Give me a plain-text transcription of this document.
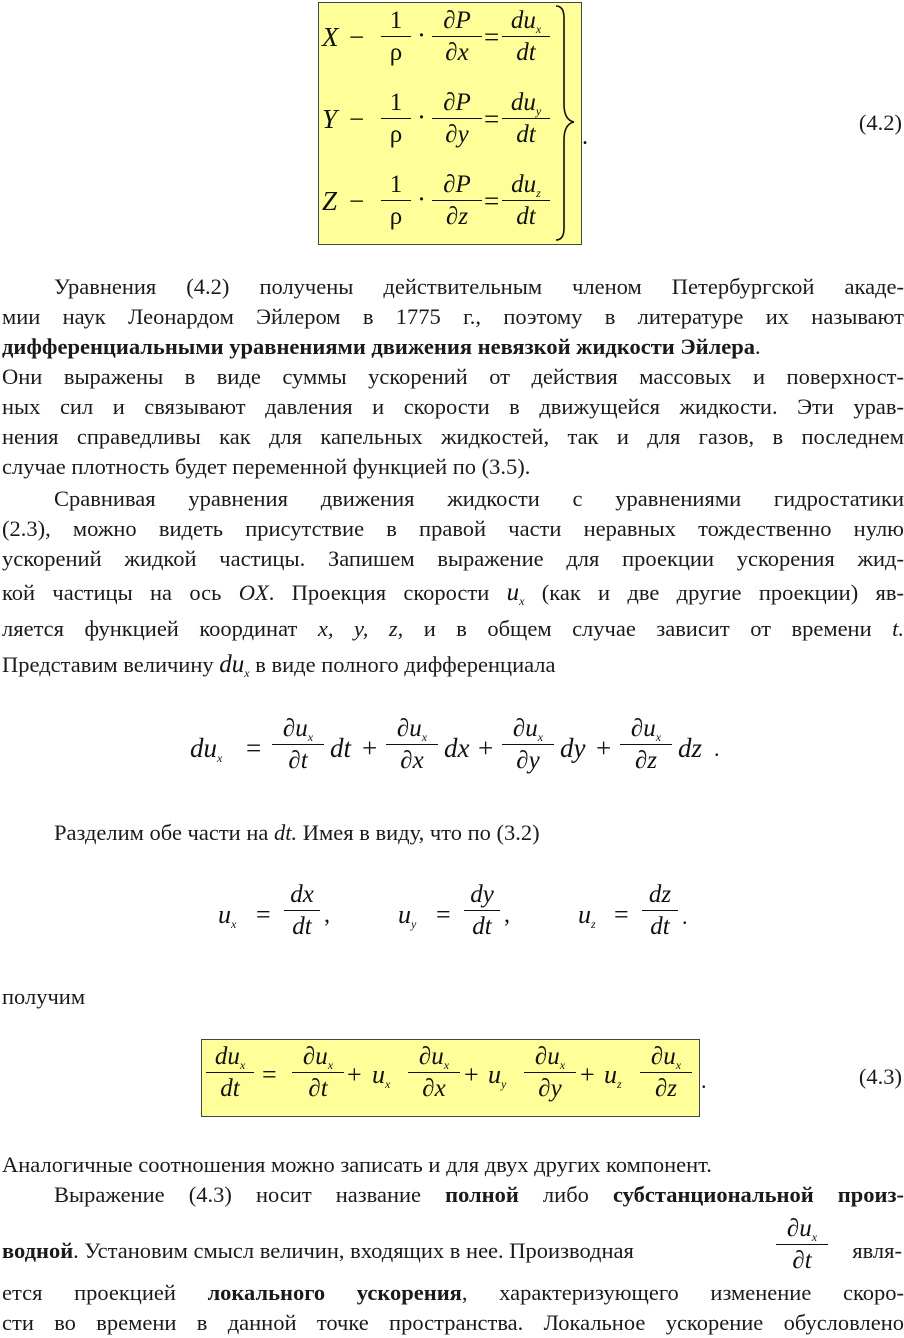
X −
1
ρ
· ∂P
∂x
=
$du_x$
dt
Y −
1
ρ
· ∂P
∂y
=
$du_y$
dt
Z −
1
ρ
· ∂P
∂z
=
$du_z$
dt
.
(4.2)
Уравнения (4.2) получены действительным членом Петербургской акаде-
мии наук Леонардом Эйлером в 1775 г., поэтому в литературе их называют
дифференциальными уравнениями движения невязкой жидкости Эйлера.
Они выражены в виде суммы ускорений от действия массовых и поверхност-
ных сил и связывают давления и скорости в движущейся жидкости. Эти урав-
нения справедливы как для капельных жидкостей, так и для газов, в последнем
случае плотность будет переменной функцией по (3.5).
Сравнивая уравнения движения жидкости с уравнениями гидростатики
(2.3), можно видеть присутствие в правой части неравных тождественно нулю
ускорений жидкой частицы. Запишем выражение для проекции ускорения жид-
кой частицы на ось OX. Проекция скорости $u_x$ (как и две другие проекции) яв-
ляется функцией координат x, y, z, и в общем случае зависит от времени t.
Представим величину $du_x$ в виде полного дифференциала
dux =
$\partial u_x$
∂t dt +
$\partial u_x$
∂x dx +
$\partial u_x$
∂y dy +
$\partial u_x$
∂z dz .
Разделим обе части на dt. Имея в виду, что по (3.2)
ux =
dx
dt ,	uy =
dy
dt ,	uz =
dz
dt .
получим
$du_x$
dt =
$\partial u_x$
∂t + ux
$\partial u_x$
∂x + uy
$\partial u_x$
∂y + uz
$\partial u_x$
∂z	.	(4.3)
Аналогичные соотношения можно записать и для двух других компонент.
Выражение (4.3) носит название полной либо субстанциональной произ-
водной. Установим смысл величин, входящих в нее. Производная
$\partial u_x$
∂t	явля-
ется проекцией локального ускорения, характеризующего изменение скоро-
сти во времени в данной точке пространства. Локальное ускорение обусловлено
